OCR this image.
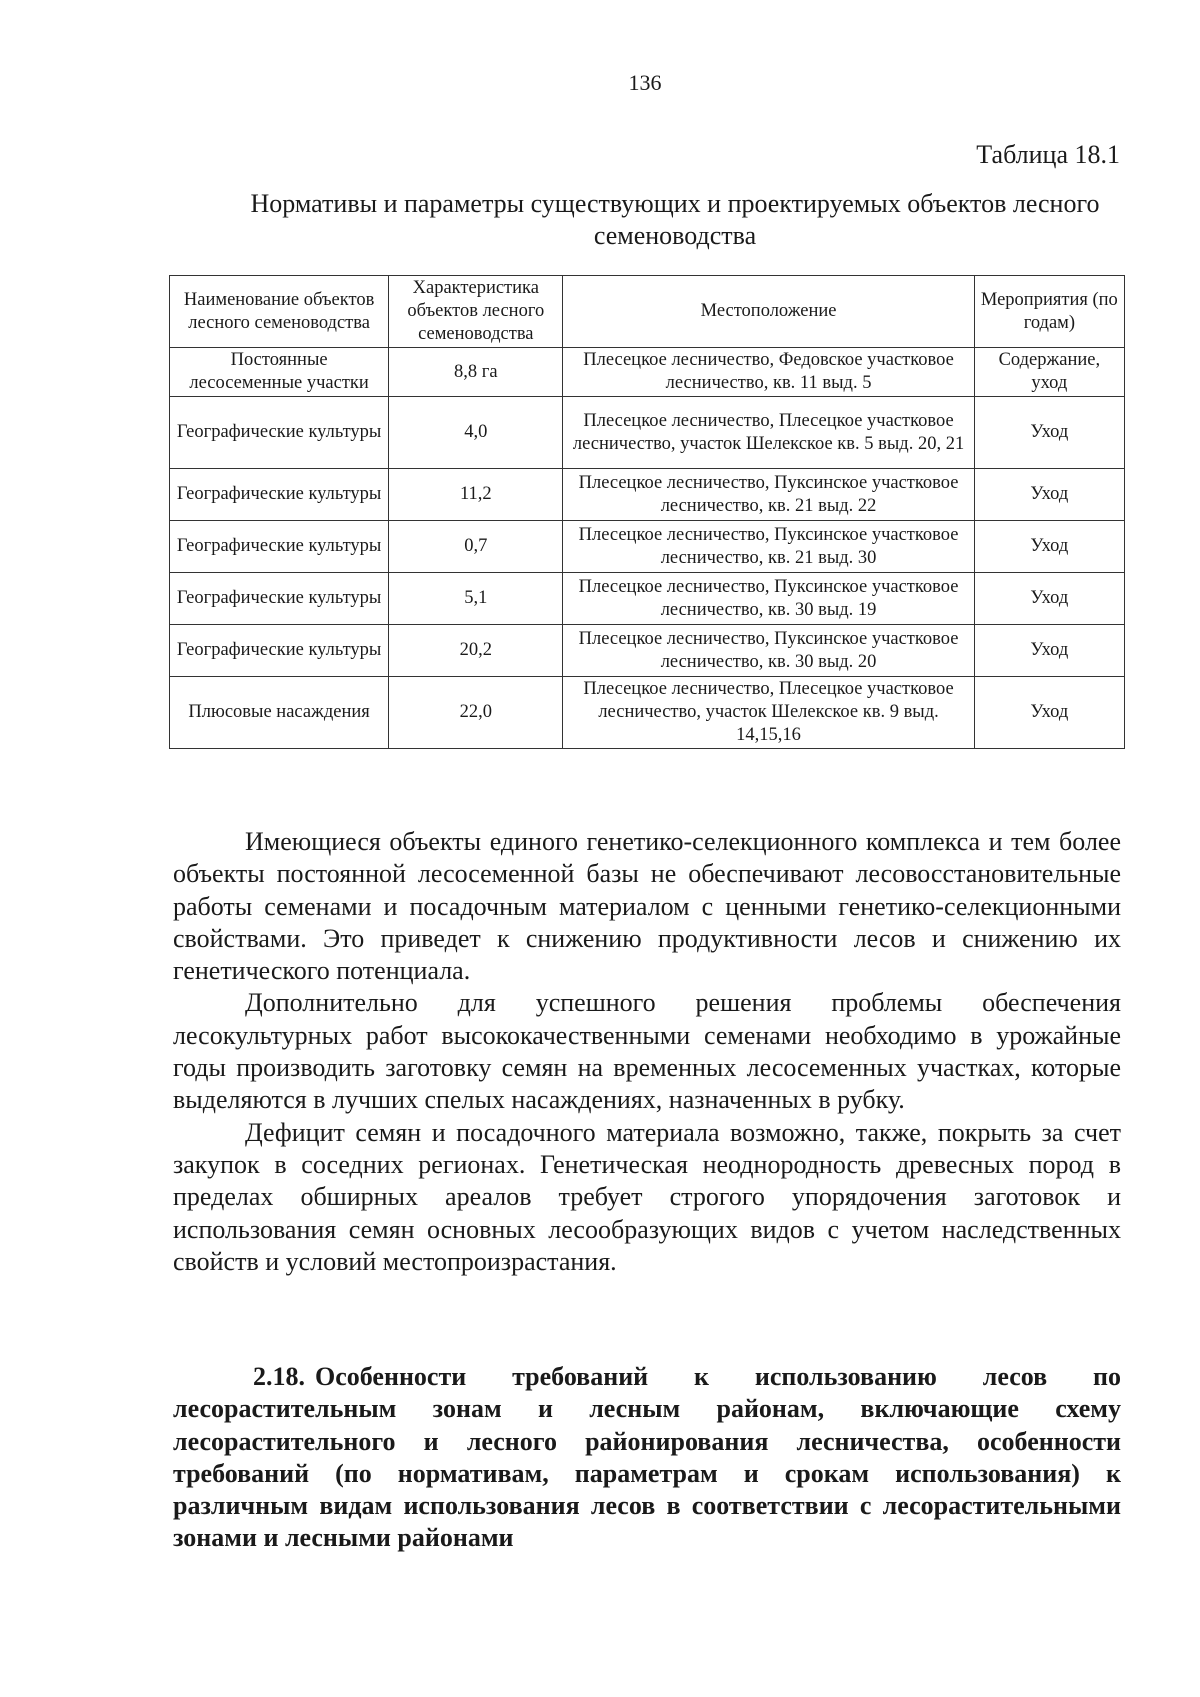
136
Таблица 18.1
Нормативы и параметры существующих и проектируемых объектов лесного семеноводства
Наименование объектов лесного семеноводства	Характеристика объектов лесного семеноводства	Местоположение	Мероприятия (по годам)
Постоянные лесосеменные участки	8,8 га	Плесецкое лесничество, Федовское участковое лесничество, кв. 11 выд. 5	Содержание, уход
Географические культуры	4,0	Плесецкое лесничество, Плесецкое участковое лесничество, участок Шелекское кв. 5 выд. 20, 21	Уход
Географические культуры	11,2	Плесецкое лесничество, Пуксинское участковое лесничество, кв. 21 выд. 22	Уход
Географические культуры	0,7	Плесецкое лесничество, Пуксинское участковое лесничество, кв. 21 выд. 30	Уход
Географические культуры	5,1	Плесецкое лесничество, Пуксинское участковое лесничество, кв. 30 выд. 19	Уход
Географические культуры	20,2	Плесецкое лесничество, Пуксинское участковое лесничество, кв. 30 выд. 20	Уход
Плюсовые насаждения	22,0	Плесецкое лесничество, Плесецкое участковое лесничество, участок Шелекское кв. 9 выд. 14,15,16	Уход

Имеющиеся объекты единого генетико-селекционного комплекса и тем более объекты постоянной лесосеменной базы не обеспечивают лесовосстановительные работы семенами и посадочным материалом с ценными генетико-селекционными свойствами. Это приведет к снижению продуктивности лесов и снижению их генетического потенциала.

Дополнительно для успешного решения проблемы обеспечения лесокультурных работ высококачественными семенами необходимо в урожайные годы производить заготовку семян на временных лесосеменных участках, которые выделяются в лучших спелых насаждениях, назначенных в рубку.

Дефицит семян и посадочного материала возможно, также, покрыть за счет закупок в соседних регионах. Генетическая неоднородность древесных пород в пределах обширных ареалов требует строгого упорядочения заготовок и использования семян основных лесообразующих видов с учетом наследственных свойств и условий местопроизрастания.

2.18. Особенности требований к использованию лесов по лесорастительным зонам и лесным районам, включающие схему лесорастительного и лесного районирования лесничества, особенности требований (по нормативам, параметрам и срокам использования) к различным видам использования лесов в соответствии с лесорастительными зонами и лесными районами
